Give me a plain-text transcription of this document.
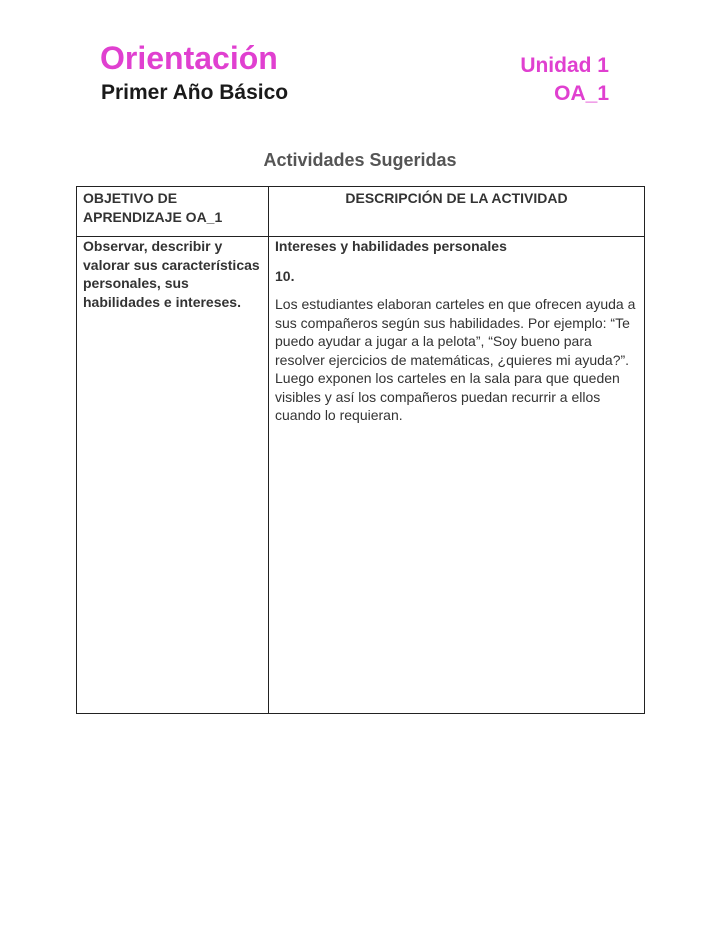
Orientación
Primer Año Básico
Unidad 1
OA_1
Actividades Sugeridas
OBJETIVO DE APRENDIZAJE OA_1	DESCRIPCIÓN DE LA ACTIVIDAD
Observar, describir y valorar sus características personales, sus habilidades e intereses.	Intereses y habilidades personales

10.

Los estudiantes elaboran carteles en que ofrecen ayuda a sus compañeros según sus habilidades. Por ejemplo: “Te puedo ayudar a jugar a la pelota”, “Soy bueno para resolver ejercicios de matemáticas, ¿quieres mi ayuda?”. Luego exponen los carteles en la sala para que queden visibles y así los compañeros puedan recurrir a ellos cuando lo requieran.
